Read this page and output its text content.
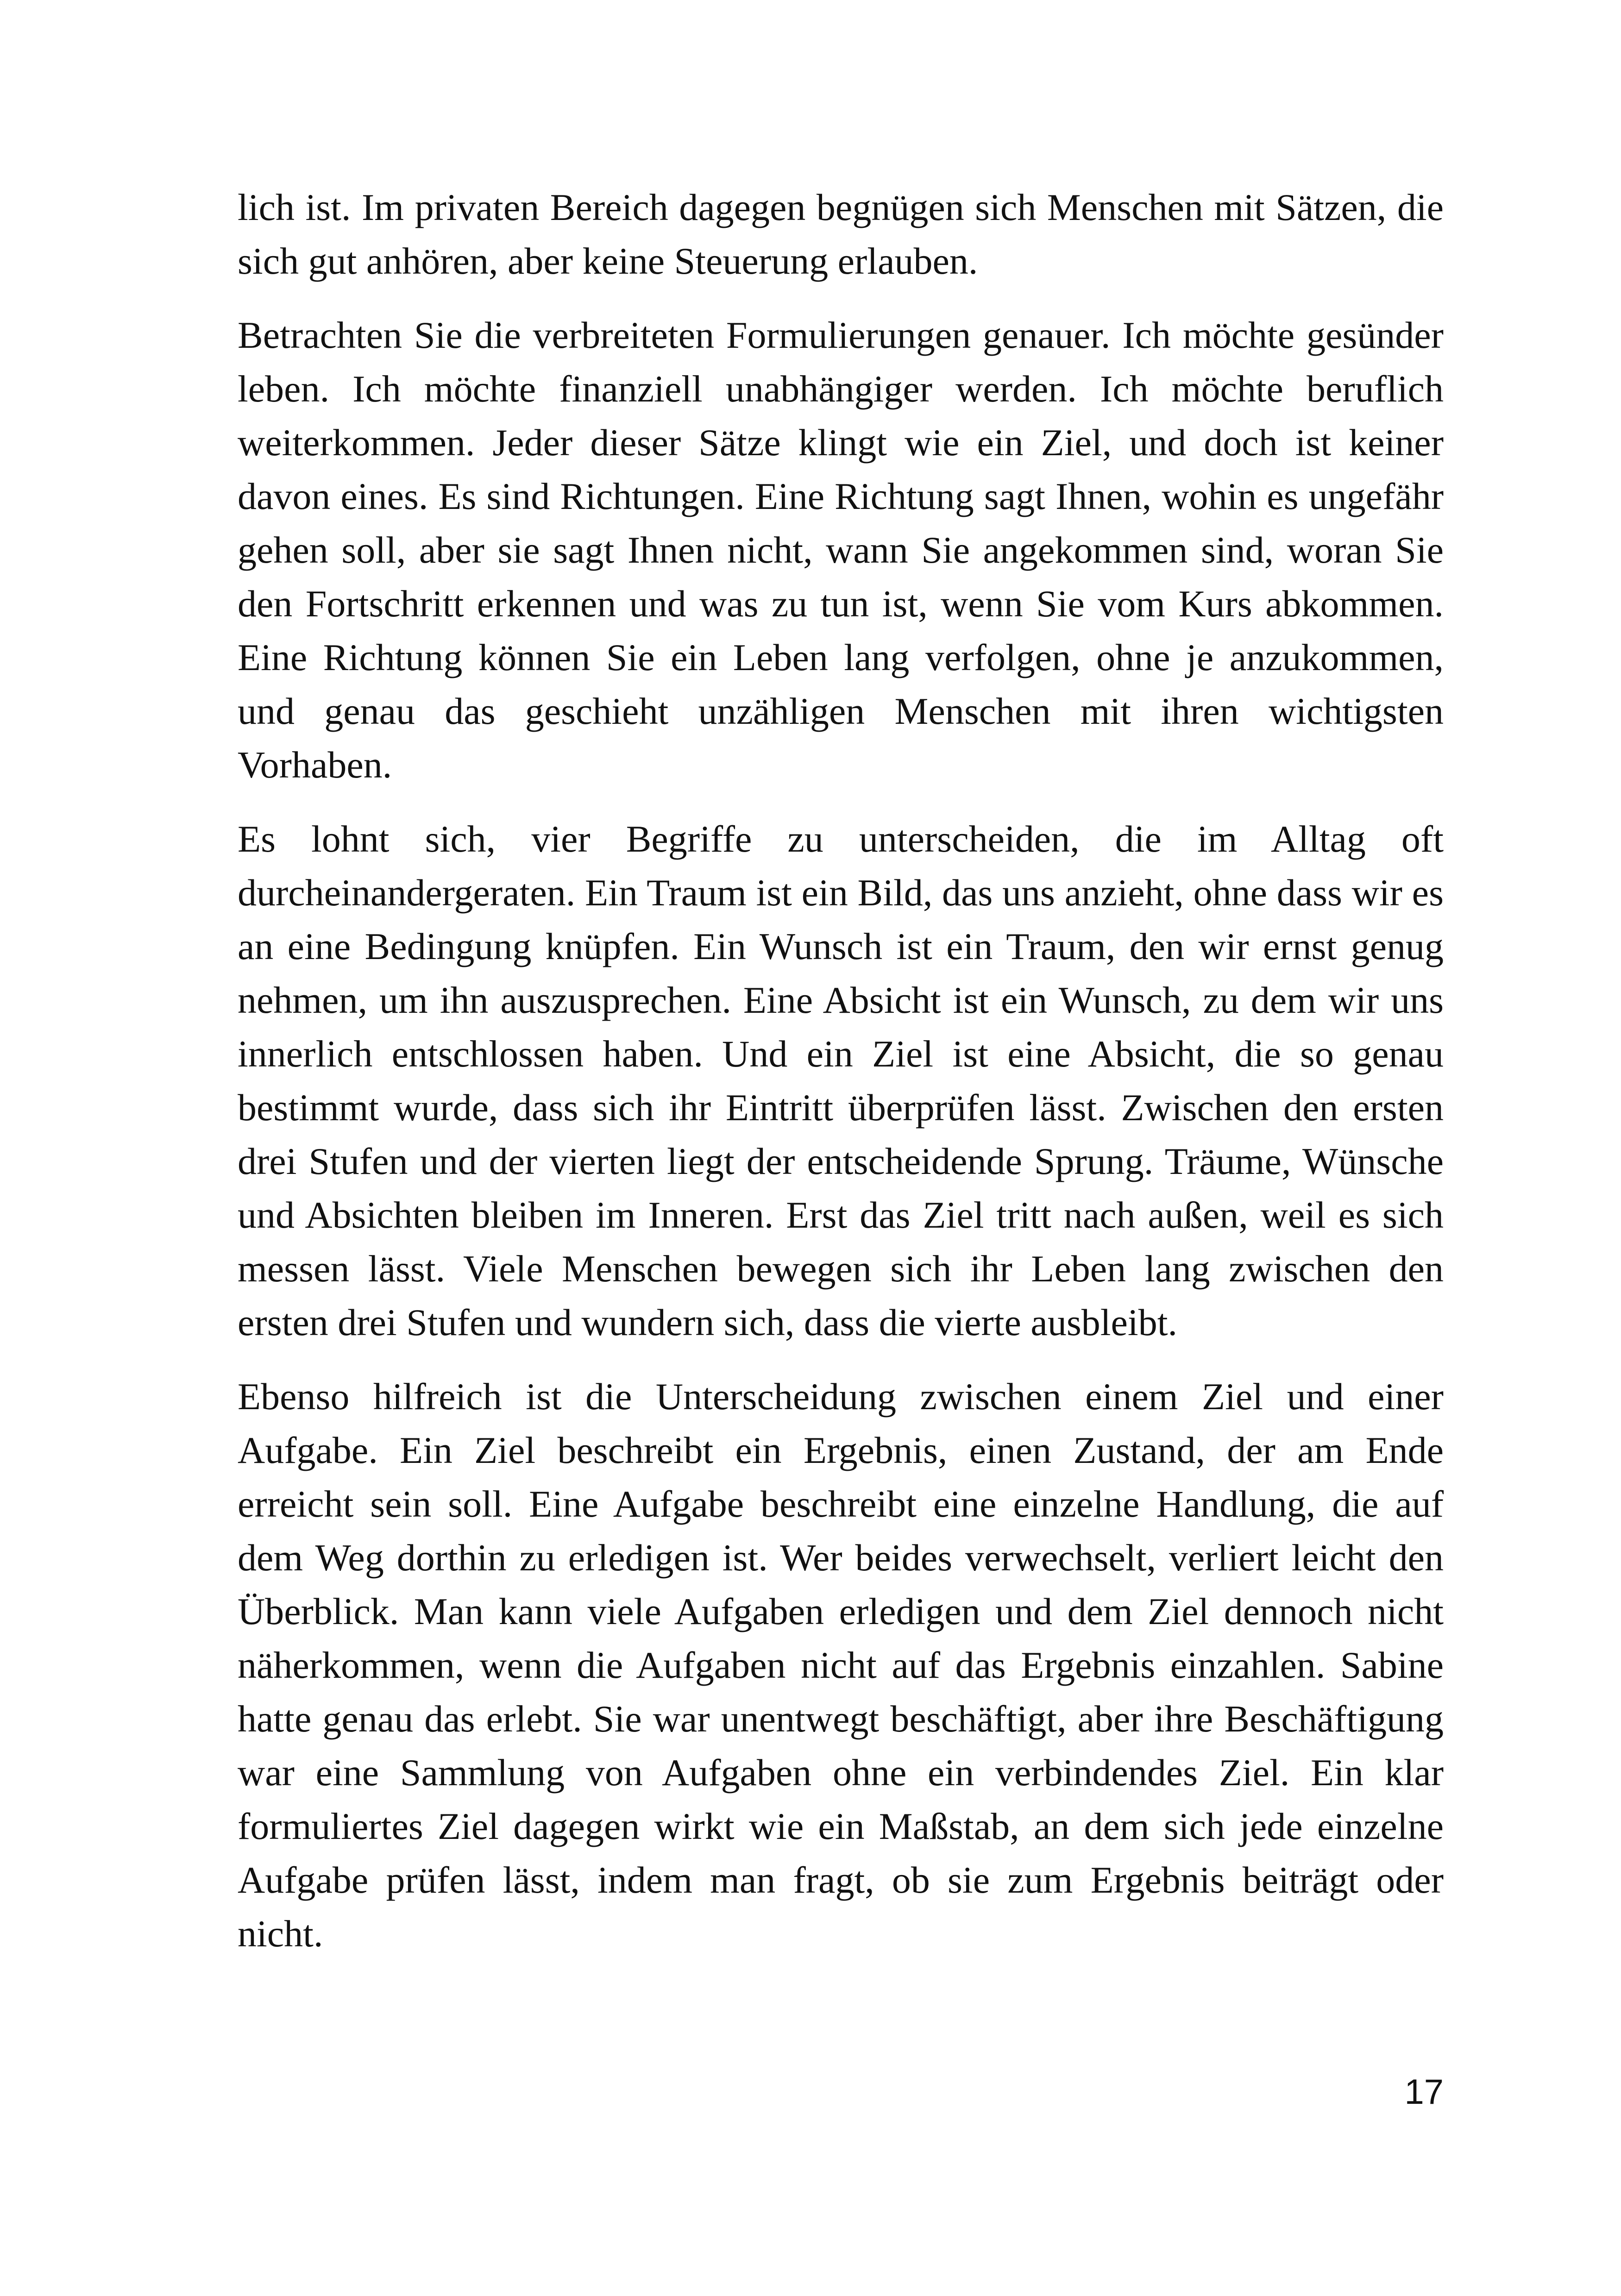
lich ist. Im privaten Bereich dagegen begnügen sich Menschen mit Sätzen, die sich gut anhören, aber keine Steuerung erlauben.

Betrachten Sie die verbreiteten Formulierungen genauer. Ich möchte gesünder leben. Ich möchte finanziell unabhängiger werden. Ich möchte beruflich weiterkommen. Jeder dieser Sätze klingt wie ein Ziel, und doch ist keiner davon eines. Es sind Richtungen. Eine Richtung sagt Ihnen, wohin es ungefähr gehen soll, aber sie sagt Ihnen nicht, wann Sie angekommen sind, woran Sie den Fortschritt erkennen und was zu tun ist, wenn Sie vom Kurs abkommen. Eine Richtung können Sie ein Leben lang verfolgen, ohne je anzukommen, und genau das geschieht unzähligen Menschen mit ihren wichtigsten Vorhaben.

Es lohnt sich, vier Begriffe zu unterscheiden, die im Alltag oft durcheinandergeraten. Ein Traum ist ein Bild, das uns anzieht, ohne dass wir es an eine Bedingung knüpfen. Ein Wunsch ist ein Traum, den wir ernst genug nehmen, um ihn auszusprechen. Eine Absicht ist ein Wunsch, zu dem wir uns innerlich entschlossen haben. Und ein Ziel ist eine Absicht, die so genau bestimmt wurde, dass sich ihr Eintritt überprüfen lässt. Zwischen den ersten drei Stufen und der vierten liegt der entscheidende Sprung. Träume, Wünsche und Absichten bleiben im Inneren. Erst das Ziel tritt nach außen, weil es sich messen lässt. Viele Menschen bewegen sich ihr Leben lang zwischen den ersten drei Stufen und wundern sich, dass die vierte ausbleibt.

Ebenso hilfreich ist die Unterscheidung zwischen einem Ziel und einer Aufgabe. Ein Ziel beschreibt ein Ergebnis, einen Zustand, der am Ende erreicht sein soll. Eine Aufgabe beschreibt eine einzelne Handlung, die auf dem Weg dorthin zu erledigen ist. Wer beides verwechselt, verliert leicht den Überblick. Man kann viele Aufgaben erledigen und dem Ziel dennoch nicht näherkommen, wenn die Aufgaben nicht auf das Ergebnis einzahlen. Sabine hatte genau das erlebt. Sie war unentwegt beschäftigt, aber ihre Beschäftigung war eine Sammlung von Aufgaben ohne ein verbindendes Ziel. Ein klar formuliertes Ziel dagegen wirkt wie ein Maßstab, an dem sich jede einzelne Aufgabe prüfen lässt, indem man fragt, ob sie zum Ergebnis beiträgt oder nicht.

17
